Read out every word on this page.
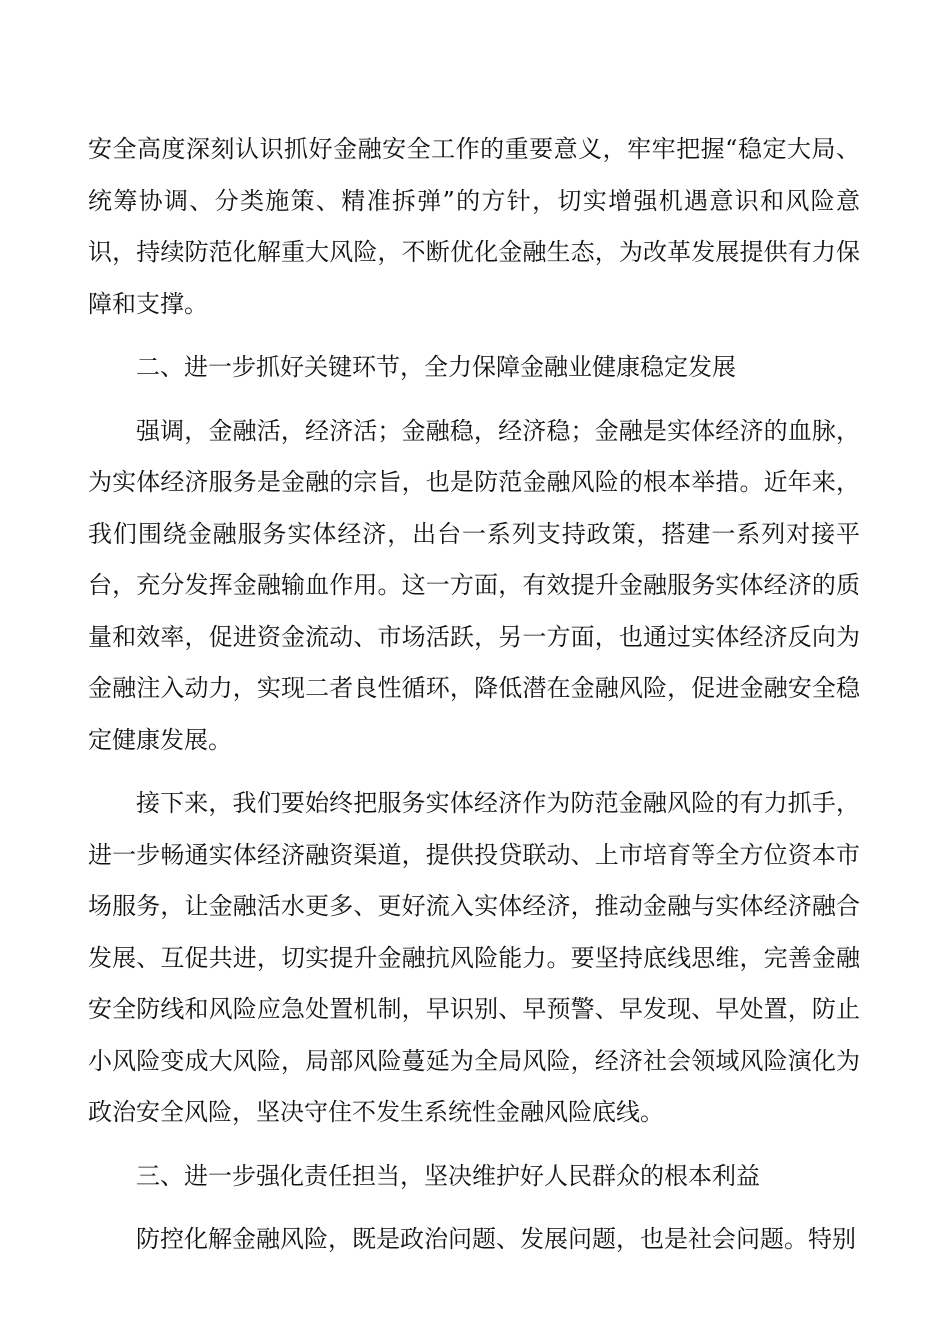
安全高度深刻认识抓好金融安全工作的重要意义，牢牢把握“稳定大局、统筹协调、分类施策、精准拆弹”的方针，切实增强机遇意识和风险意识，持续防范化解重大风险，不断优化金融生态，为改革发展提供有力保障和支撑。

二、进一步抓好关键环节，全力保障金融业健康稳定发展

强调，金融活，经济活；金融稳，经济稳；金融是实体经济的血脉，为实体经济服务是金融的宗旨，也是防范金融风险的根本举措。近年来，我们围绕金融服务实体经济，出台一系列支持政策，搭建一系列对接平台，充分发挥金融输血作用。这一方面，有效提升金融服务实体经济的质量和效率，促进资金流动、市场活跃，另一方面，也通过实体经济反向为金融注入动力，实现二者良性循环，降低潜在金融风险，促进金融安全稳定健康发展。

接下来，我们要始终把服务实体经济作为防范金融风险的有力抓手，进一步畅通实体经济融资渠道，提供投贷联动、上市培育等全方位资本市场服务，让金融活水更多、更好流入实体经济，推动金融与实体经济融合发展、互促共进，切实提升金融抗风险能力。要坚持底线思维，完善金融安全防线和风险应急处置机制，早识别、早预警、早发现、早处置，防止小风险变成大风险，局部风险蔓延为全局风险，经济社会领域风险演化为政治安全风险，坚决守住不发生系统性金融风险底线。

三、进一步强化责任担当，坚决维护好人民群众的根本利益

防控化解金融风险，既是政治问题、发展问题，也是社会问题。特别
